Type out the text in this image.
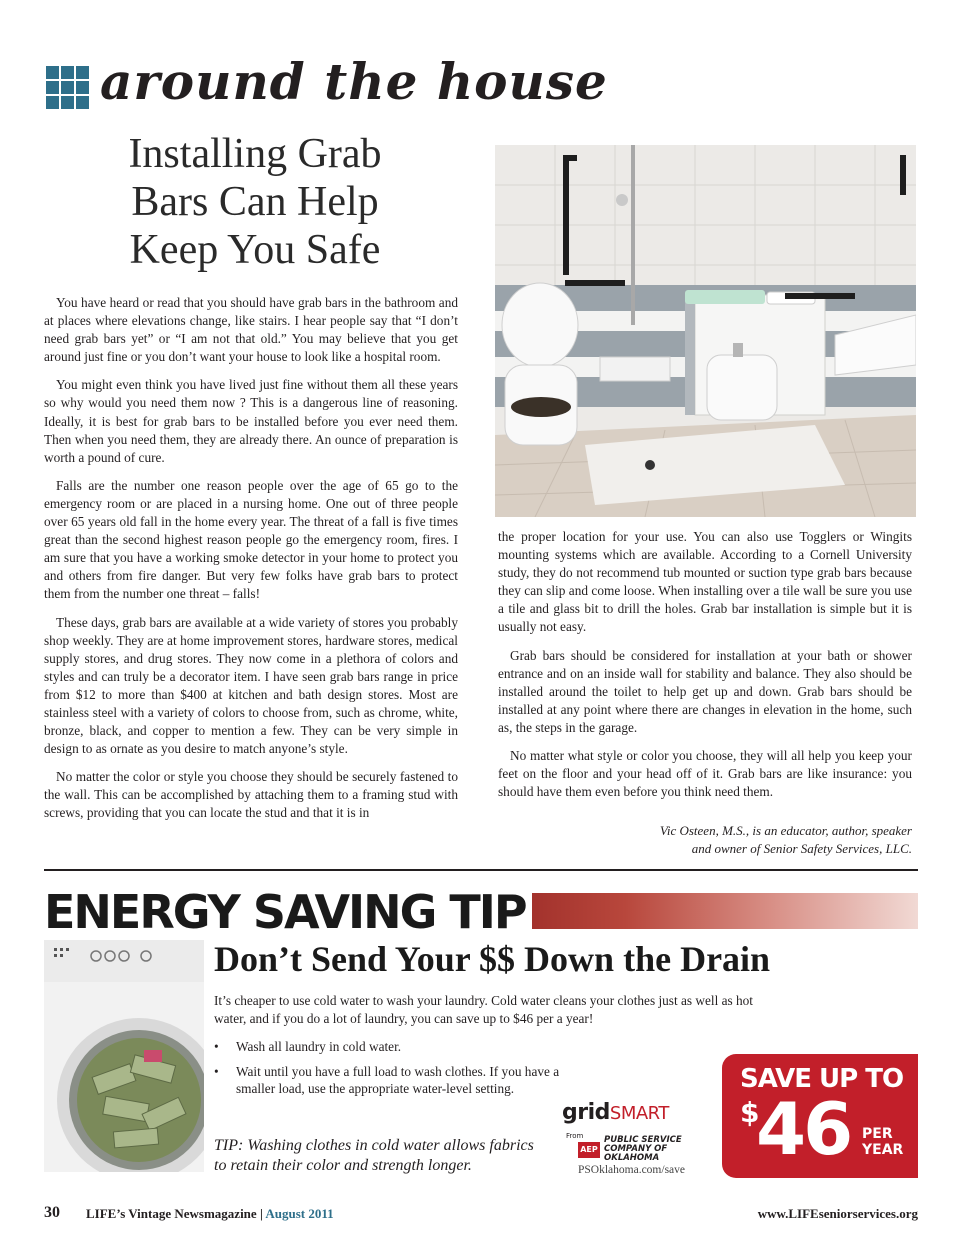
around the house
Installing Grab
Bars Can Help
Keep You Safe

You have heard or read that you should have grab bars in the bathroom and at places where elevations change, like stairs. I hear people say that “I don’t need grab bars yet” or “I am not that old.” You may believe that you get around just fine or you don’t want your house to look like a hospital room.

You might even think you have lived just fine without them all these years so why would you need them now ? This is a dangerous line of reasoning. Ideally, it is best for grab bars to be installed before you ever need them. Then when you need them, they are already there. An ounce of preparation is worth a pound of cure.

Falls are the number one reason people over the age of 65 go to the emergency room or are placed in a nursing home. One out of three people over 65 years old fall in the home every year. The threat of a fall is five times great than the second highest reason people go the emergency room, fires. I am sure that you have a working smoke detector in your home to protect you and others from fire danger. But very few folks have grab bars to protect them from the number one threat – falls!

These days, grab bars are available at a wide variety of stores you probably shop weekly. They are at home improvement stores, hardware stores, medical supply stores, and drug stores. They now come in a plethora of colors and styles and can truly be a decorator item. I have seen grab bars range in price from $12 to more than $400 at kitchen and bath design stores. Most are stainless steel with a variety of colors to choose from, such as chrome, white, bronze, black, and copper to mention a few. They can be very simple in design to as ornate as you desire to match anyone’s style.

No matter the color or style you choose they should be securely fastened to the wall. This can be accomplished by attaching them to a framing stud with screws, providing that you can locate the stud and that it is in

the proper location for your use. You can also use Togglers or Wingits mounting systems which are available. According to a Cornell University study, they do not recommend tub mounted or suction type grab bars because they can slip and come loose. When installing over a tile wall be sure you use a tile and glass bit to drill the holes. Grab bar installation is simple but it is usually not easy.

Grab bars should be considered for installation at your bath or shower entrance and on an inside wall for stability and balance. They also should be installed around the toilet to help get up and down. Grab bars should be installed at any point where there are changes in elevation in the home, such as, the steps in the garage.

No matter what style or color you choose, they will all help you keep your feet on the floor and your head off of it. Grab bars are like insurance: you should have them even before you think need them.

Vic Osteen, M.S., is an educator, author, speaker
and owner of Senior Safety Services, LLC.
ENERGY SAVING TIP
Don’t Send Your $$ Down the Drain
It’s cheaper to use cold water to wash your laundry. Cold water cleans your clothes just as well as hot water, and if you do a lot of laundry, you can save up to $46 per a year!
• Wash all laundry in cold water.
• Wait until you have a full load to wash clothes. If you have a smaller load, use the appropriate water-level setting.
TIP: Washing clothes in cold water allows fabrics
to retain their color and strength longer.
gridSMART
From
AEP
PUBLIC SERVICE
COMPANY OF
OKLAHOMA
PSOklahoma.com/save
SAVE UP TO
$
46 PER
YEAR
30 LIFE’s Vintage Newsmagazine | August 2011	www.LIFEseniorservices.org
